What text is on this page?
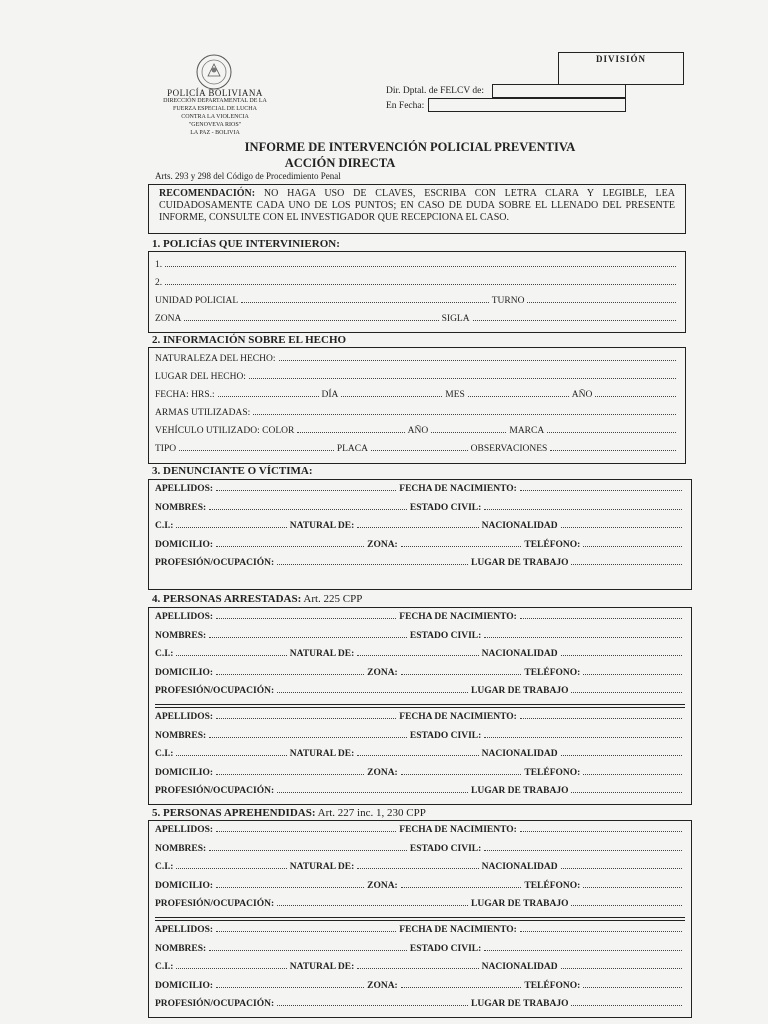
POLICÍA BOLIVIANA
DIRECCIÓN DEPARTAMENTAL DE LA
FUERZA ESPECIAL DE LUCHA
CONTRA LA VIOLENCIA
"GENOVEVA RIOS"
LA PAZ - BOLIVIA
DIVISIÓN
Dir. Dptal. de FELCV de:
En Fecha:
INFORME DE INTERVENCIÓN POLICIAL PREVENTIVA
ACCIÓN DIRECTA
Arts. 293 y 298 del Código de Procedimiento Penal
RECOMENDACIÓN: NO HAGA USO DE CLAVES, ESCRIBA CON LETRA CLARA Y LEGIBLE, LEA CUIDADOSAMENTE CADA UNO DE LOS PUNTOS; EN CASO DE DUDA SOBRE EL LLENADO DEL PRESENTE INFORME, CONSULTE CON EL INVESTIGADOR QUE RECEPCIONA EL CASO.
1. POLICÍAS QUE INTERVINIERON:
1.
2.
UNIDAD POLICIAL	TURNO
ZONA	SIGLA
2. INFORMACIÓN SOBRE EL HECHO
NATURALEZA DEL HECHO:
LUGAR DEL HECHO:
FECHA: HRS.:	DÍA	MES	AÑO
ARMAS UTILIZADAS:
VEHÍCULO UTILIZADO: COLOR	AÑO	MARCA
TIPO	PLACA	OBSERVACIONES
3. DENUNCIANTE O VÍCTIMA:
APELLIDOS:	FECHA DE NACIMIENTO:
NOMBRES:	ESTADO CIVIL:
C.I.:	NATURAL DE:	NACIONALIDAD
DOMICILIO:	ZONA:	TELÉFONO:
PROFESIÓN/OCUPACIÓN:	LUGAR DE TRABAJO
4. PERSONAS ARRESTADAS: Art. 225 CPP
APELLIDOS:	FECHA DE NACIMIENTO:
NOMBRES:	ESTADO CIVIL:
C.I.:	NATURAL DE:	NACIONALIDAD
DOMICILIO:	ZONA:	TELÉFONO:
PROFESIÓN/OCUPACIÓN:	LUGAR DE TRABAJO
APELLIDOS:	FECHA DE NACIMIENTO:
NOMBRES:	ESTADO CIVIL:
C.I.:	NATURAL DE:	NACIONALIDAD
DOMICILIO:	ZONA:	TELÉFONO:
PROFESIÓN/OCUPACIÓN:	LUGAR DE TRABAJO
5. PERSONAS APREHENDIDAS: Art. 227 inc. 1, 230 CPP
APELLIDOS:	FECHA DE NACIMIENTO:
NOMBRES:	ESTADO CIVIL:
C.I.:	NATURAL DE:	NACIONALIDAD
DOMICILIO:	ZONA:	TELÉFONO:
PROFESIÓN/OCUPACIÓN:	LUGAR DE TRABAJO
APELLIDOS:	FECHA DE NACIMIENTO:
NOMBRES:	ESTADO CIVIL:
C.I.:	NATURAL DE:	NACIONALIDAD
DOMICILIO:	ZONA:	TELÉFONO:
PROFESIÓN/OCUPACIÓN:	LUGAR DE TRABAJO
